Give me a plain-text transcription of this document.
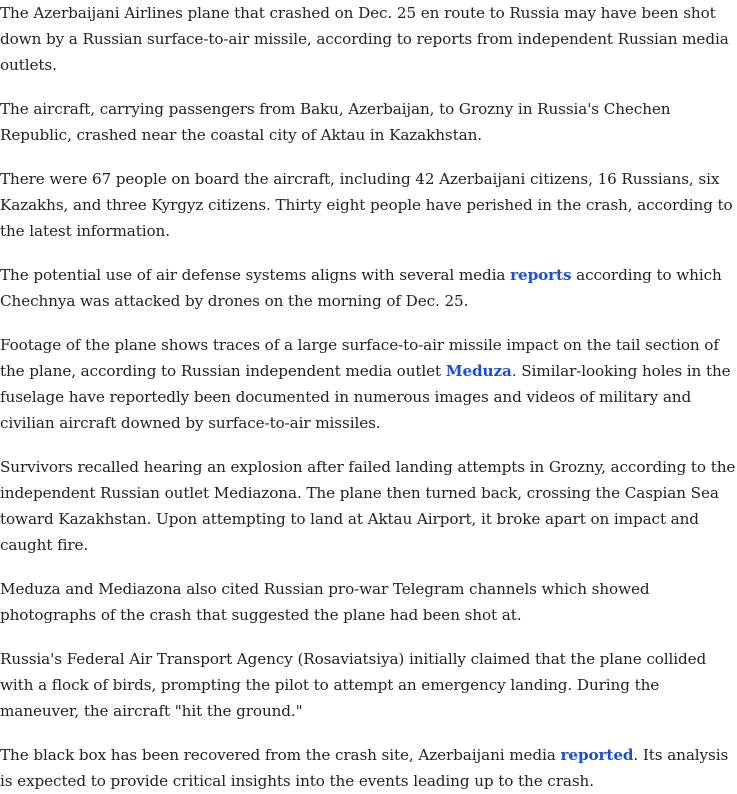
The Azerbaijani Airlines plane that crashed on Dec. 25 en route to Russia may have been shot down by a Russian surface-to-air missile, according to reports from independent Russian media outlets.

The aircraft, carrying passengers from Baku, Azerbaijan, to Grozny in Russia's Chechen Republic, crashed near the coastal city of Aktau in Kazakhstan.

There were 67 people on board the aircraft, including 42 Azerbaijani citizens, 16 Russians, six Kazakhs, and three Kyrgyz citizens. Thirty eight people have perished in the crash, according to the latest information.

The potential use of air defense systems aligns with several media reports according to which Chechnya was attacked by drones on the morning of Dec. 25.

Footage of the plane shows traces of a large surface-to-air missile impact on the tail section of the plane, according to Russian independent media outlet Meduza. Similar-looking holes in the fuselage have reportedly been documented in numerous images and videos of military and civilian aircraft downed by surface-to-air missiles.

Survivors recalled hearing an explosion after failed landing attempts in Grozny, according to the independent Russian outlet Mediazona. The plane then turned back, crossing the Caspian Sea toward Kazakhstan. Upon attempting to land at Aktau Airport, it broke apart on impact and caught fire.

Meduza and Mediazona also cited Russian pro-war Telegram channels which showed photographs of the crash that suggested the plane had been shot at.

Russia's Federal Air Transport Agency (Rosaviatsiya) initially claimed that the plane collided with a flock of birds, prompting the pilot to attempt an emergency landing. During the maneuver, the aircraft "hit the ground."

The black box has been recovered from the crash site, Azerbaijani media reported. Its analysis is expected to provide critical insights into the events leading up to the crash.
